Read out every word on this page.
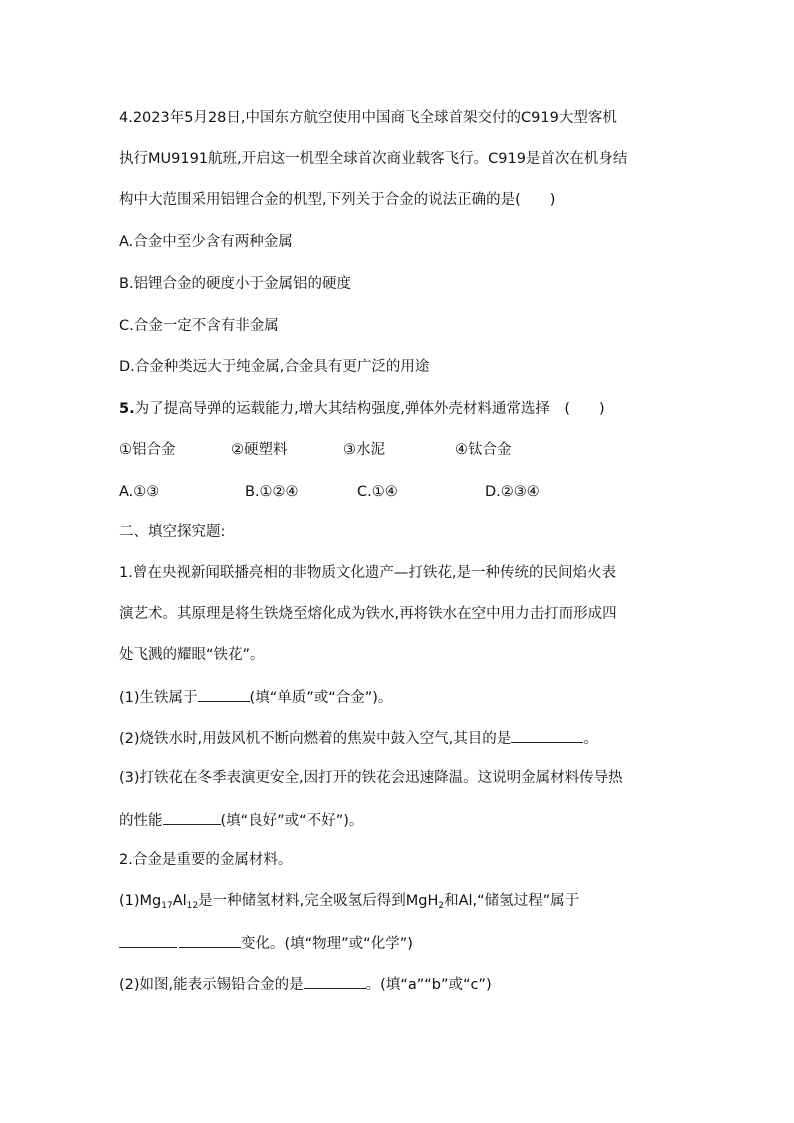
4.2023年5月28日,中国东方航空使用中国商飞全球首架交付的C919大型客机
执行MU9191航班,开启这一机型全球首次商业载客飞行。C919是首次在机身结
构中大范围采用铝锂合金的机型,下列关于合金的说法正确的是(　　)
A.合金中至少含有两种金属
B.铝锂合金的硬度小于金属铝的硬度
C.合金一定不含有非金属
D.合金种类远大于纯金属,合金具有更广泛的用途
5.为了提高导弹的运载能力,增大其结构强度,弹体外壳材料通常选择　(　　)
①铝合金	②硬塑料	③水泥	④钛合金
A.①③	B.①②④	C.①④	D.②③④
二、填空探究题:
1.曾在央视新闻联播亮相的非物质文化遗产—打铁花,是一种传统的民间焰火表
演艺术。其原理是将生铁烧至熔化成为铁水,再将铁水在空中用力击打而形成四
处飞溅的耀眼“铁花”。
(1)生铁属于	(填“单质”或“合金”)。
(2)烧铁水时,用鼓风机不断向燃着的焦炭中鼓入空气,其目的是	。
(3)打铁花在冬季表演更安全,因打开的铁花会迅速降温。这说明金属材料传导热
的性能	(填“良好”或“不好”)。
2.合金是重要的金属材料。
$(1)Mg_{17}Al_{12}$是一种储氢材料,完全吸氢后得到MgH$_2$和Al,“储氢过程”属于
变化。(填“物理”或“化学”)
(2)如图,能表示锡铅合金的是	。(填“a”“b”或“c”)
